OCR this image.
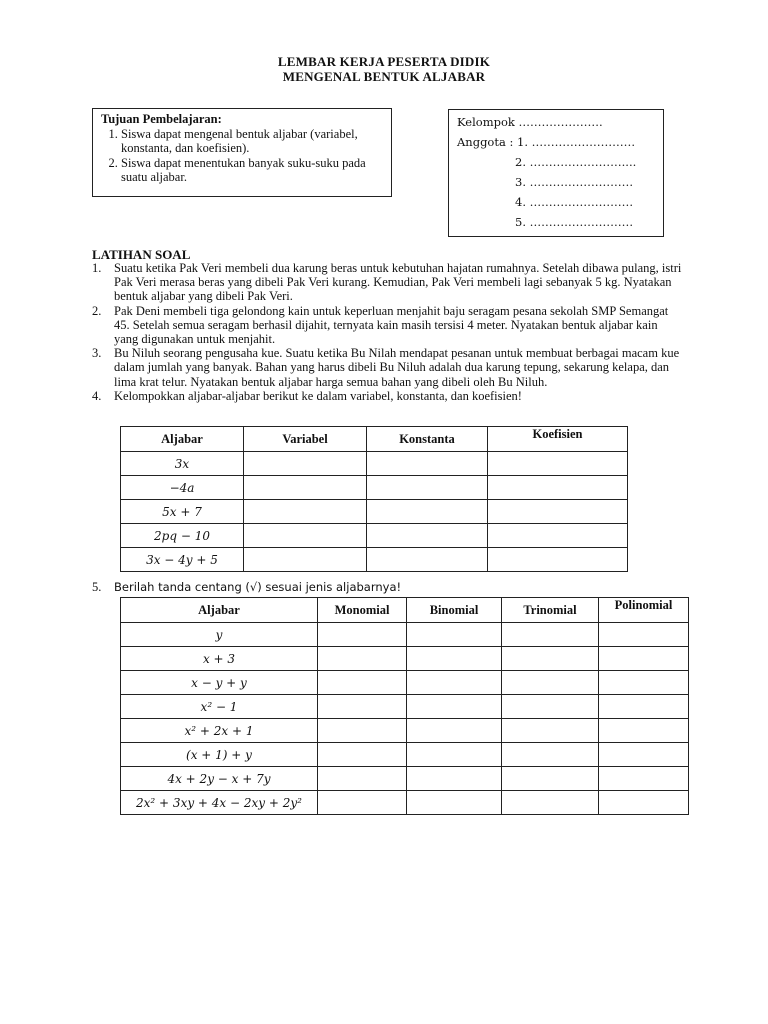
LEMBAR KERJA PESERTA DIDIK
MENGENAL BENTUK ALJABAR
Tujuan Pembelajaran:
1. Siswa dapat mengenal bentuk aljabar (variabel, konstanta, dan koefisien).
2. Siswa dapat menentukan banyak suku-suku pada suatu aljabar.
Kelompok ………………….
Anggota : 1. ………………………
2. ……………………....
3. ………………………
4. ………………………
5. ………………………
LATIHAN SOAL
1.	Suatu ketika Pak Veri membeli dua karung beras untuk kebutuhan hajatan rumahnya. Setelah dibawa pulang, istri Pak Veri merasa beras yang dibeli Pak Veri kurang. Kemudian, Pak Veri membeli lagi sebanyak 5 kg. Nyatakan bentuk aljabar yang dibeli Pak Veri.
2.	Pak Deni membeli tiga gelondong kain untuk keperluan menjahit baju seragam pesana sekolah SMP Semangat 45. Setelah semua seragam berhasil dijahit, ternyata kain masih tersisi 4 meter. Nyatakan bentuk aljabar kain yang digunakan untuk menjahit.
3.	Bu Niluh seorang pengusaha kue. Suatu ketika Bu Nilah mendapat pesanan untuk membuat berbagai macam kue dalam jumlah yang banyak. Bahan yang harus dibeli Bu Niluh adalah dua karung tepung, sekarung kelapa, dan lima krat telur. Nyatakan bentuk aljabar harga semua bahan yang dibeli oleh Bu Niluh.
4.	Kelompokkan aljabar-aljabar berikut ke dalam variabel, konstanta, dan koefisien!
Aljabar	Variabel	Konstanta	Koefisien
3x			
−4a			
5x + 7			
2pq − 10			
3x − 4y + 5			
5. Berilah tanda centang (√) sesuai jenis aljabarnya!
Aljabar	Monomial	Binomial	Trinomial	Polinomial
y				
x + 3				
x − y + y				
x² − 1				
x² + 2x + 1				
(x + 1) + y				
4x + 2y − x + 7y				
2x² + 3xy + 4x − 2xy + 2y²				
